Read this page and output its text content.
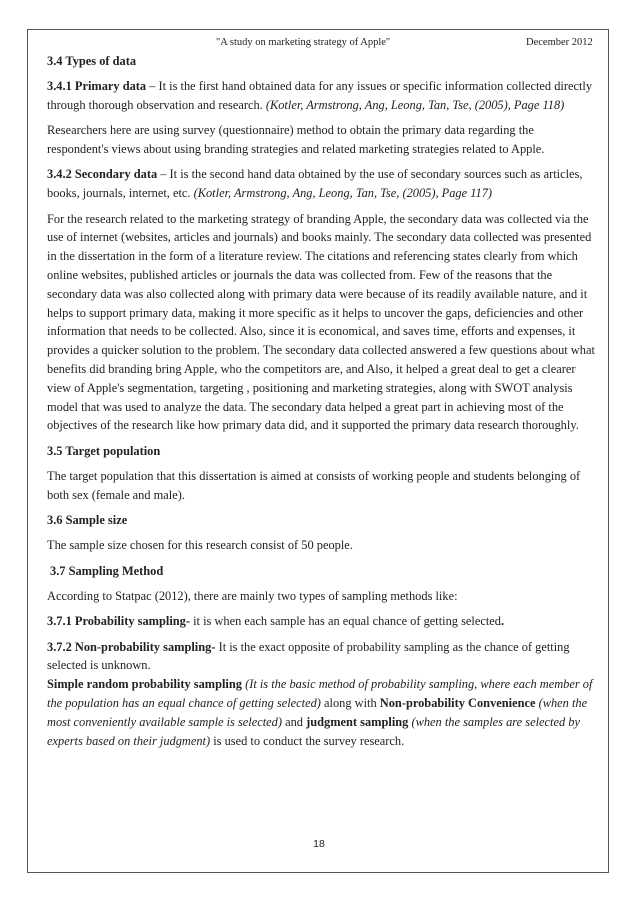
"A study on marketing strategy of Apple"	December 2012

3.4 Types of data

3.4.1 Primary data – It is the first hand obtained data for any issues or specific information collected directly through thorough observation and research. (Kotler, Armstrong, Ang, Leong, Tan, Tse, (2005), Page 118)

Researchers here are using survey (questionnaire) method to obtain the primary data regarding the respondent's views about using branding strategies and related marketing strategies related to Apple.

3.4.2 Secondary data – It is the second hand data obtained by the use of secondary sources such as articles, books, journals, internet, etc. (Kotler, Armstrong, Ang, Leong, Tan, Tse, (2005), Page 117)

For the research related to the marketing strategy of branding Apple, the secondary data was collected via the use of internet (websites, articles and journals) and books mainly. The secondary data collected was presented in the dissertation in the form of a literature review. The citations and referencing states clearly from which online websites, published articles or journals the data was collected from. Few of the reasons that the secondary data was also collected along with primary data were because of its readily available nature, and it helps to support primary data, making it more specific as it helps to uncover the gaps, deficiencies and other information that needs to be collected. Also, since it is economical, and saves time, efforts and expenses, it provides a quicker solution to the problem. The secondary data collected answered a few questions about what benefits did branding bring Apple, who the competitors are, and Also, it helped a great deal to get a clearer view of Apple's segmentation, targeting , positioning and marketing strategies, along with SWOT analysis model that was used to analyze the data. The secondary data helped a great part in achieving most of the objectives of the research like how primary data did, and it supported the primary data research thoroughly.

3.5 Target population

The target population that this dissertation is aimed at consists of working people and students belonging of both sex (female and male).

3.6 Sample size

The sample size chosen for this research consist of 50 people.

3.7 Sampling Method

According to Statpac (2012), there are mainly two types of sampling methods like:

3.7.1 Probability sampling- it is when each sample has an equal chance of getting selected.

3.7.2 Non-probability sampling- It is the exact opposite of probability sampling as the chance of getting selected is unknown.

Simple random probability sampling (It is the basic method of probability sampling, where each member of the population has an equal chance of getting selected) along with Non-probability Convenience (when the most conveniently available sample is selected) and judgment sampling (when the samples are selected by experts based on their judgment) is used to conduct the survey research.

18
